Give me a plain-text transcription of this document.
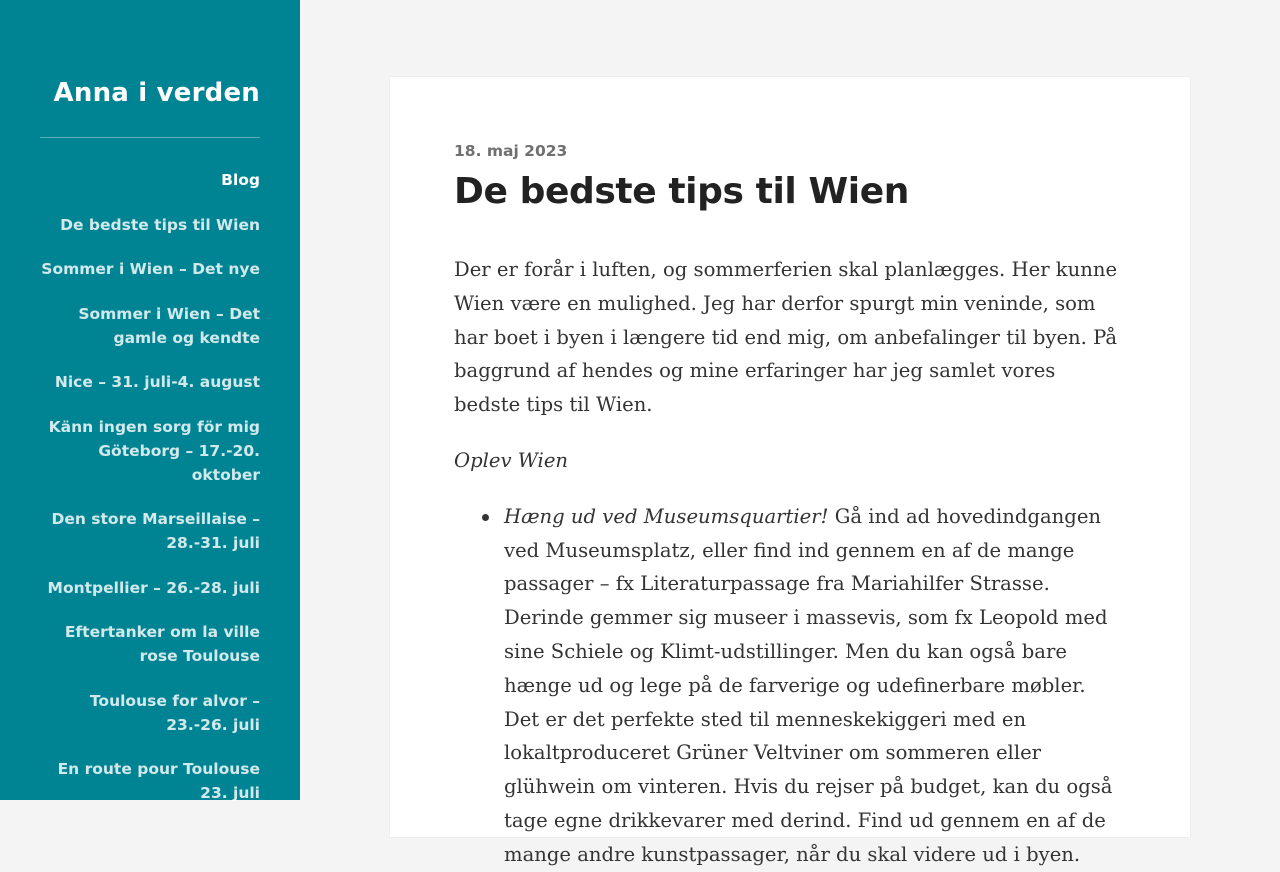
Anna i verden
Blog
De bedste tips til Wien
Sommer i Wien – Det nye
Sommer i Wien – Det gamle og kendte
Nice – 31. juli-4. august
Känn ingen sorg för mig Göteborg – 17.-20. oktober
Den store Marseillaise – 28.-31. juli
Montpellier – 26.-28. juli
Eftertanker om la ville rose Toulouse
Toulouse for alvor – 23.-26. juli
En route pour Toulouse 23. juli
18. maj 2023
De bedste tips til Wien

Der er forår i luften, og sommerferien skal planlægges. Her kunne Wien være en mulighed. Jeg har derfor spurgt min veninde, som har boet i byen i længere tid end mig, om anbefalinger til byen. På baggrund af hendes og mine erfaringer har jeg samlet vores bedste tips til Wien.

Oplev Wien

Hæng ud ved Museumsquartier! Gå ind ad hovedindgangen ved Museumsplatz, eller find ind gennem en af de mange passager – fx Literaturpassage fra Mariahilfer Strasse. Derinde gemmer sig museer i massevis, som fx Leopold med sine Schiele og Klimt-udstillinger. Men du kan også bare hænge ud og lege på de farverige og udefinerbare møbler. Det er det perfekte sted til menneskekiggeri med en lokaltproduceret Grüner Veltviner om sommeren eller glühwein om vinteren. Hvis du rejser på budget, kan du også tage egne drikkevarer med derind. Find ud gennem en af de mange andre kunstpassager, når du skal videre ud i byen.
